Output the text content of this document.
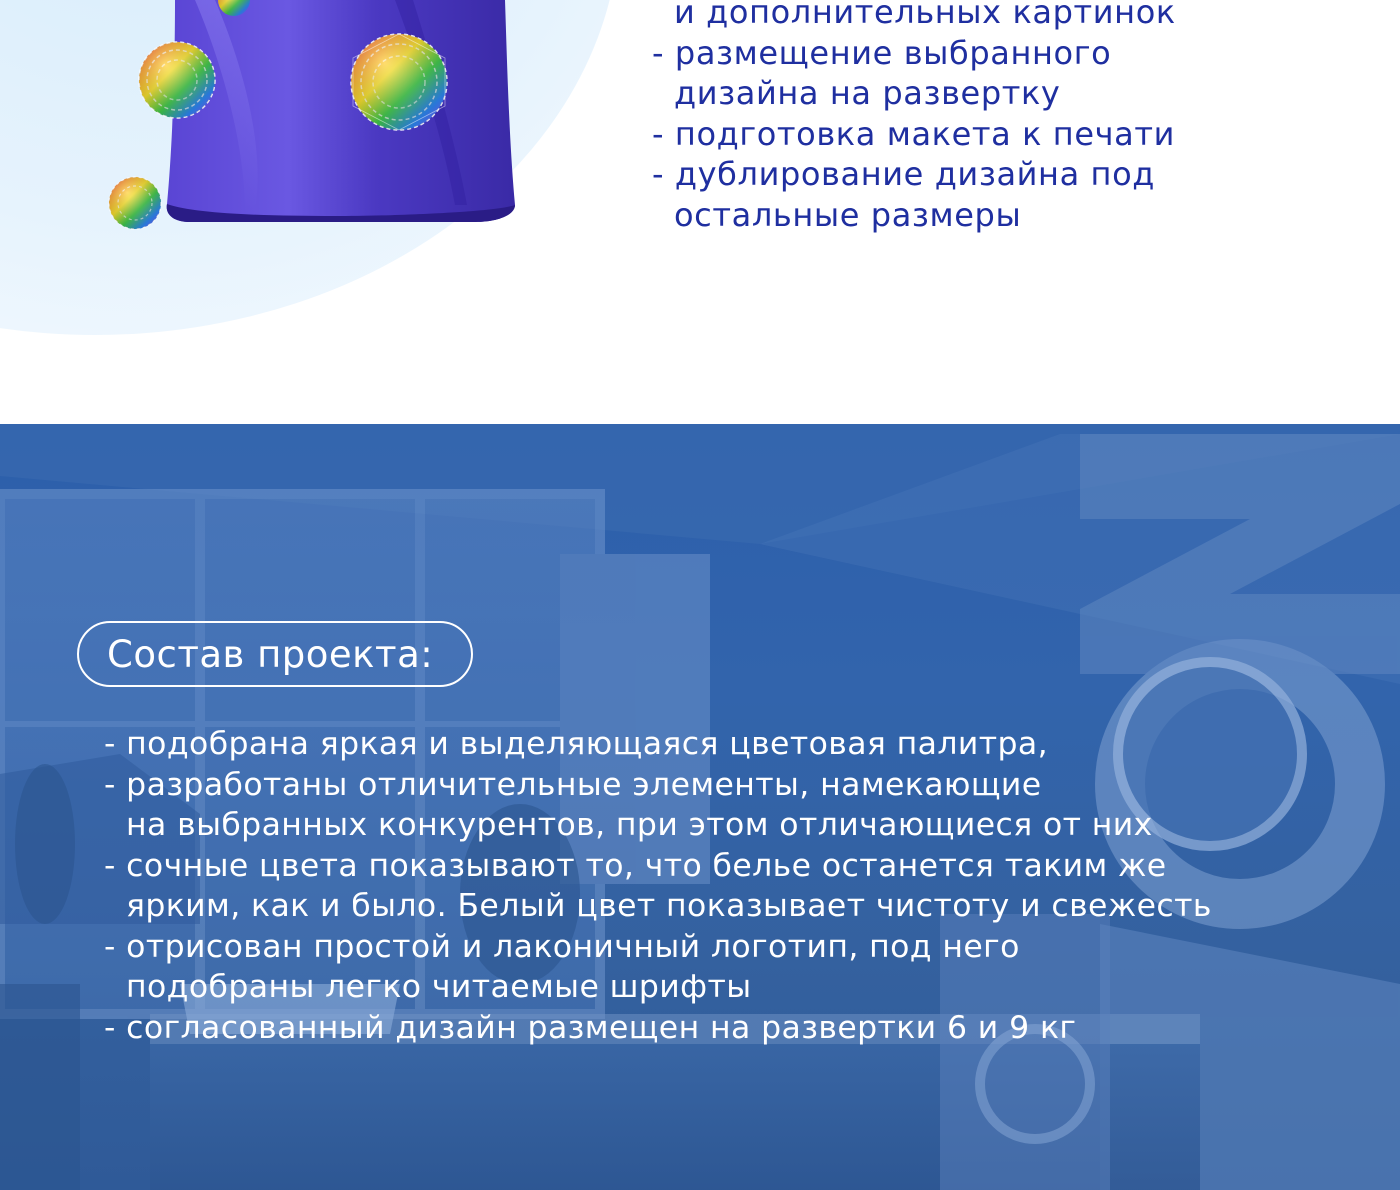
и дополнительных картинок
- размещение выбранного
дизайна на развертку
- подготовка макета к печати
- дублирование дизайна под
остальные размеры
Состав проекта:
- подобрана яркая и выделяющаяся цветовая палитра,
- разработаны отличительные элементы, намекающие
на выбранных конкурентов, при этом отличающиеся от них
- сочные цвета показывают то, что белье останется таким же
ярким, как и было. Белый цвет показывает чистоту и свежесть
- отрисован простой и лаконичный логотип, под него
подобраны легко читаемые шрифты
- согласованный дизайн размещен на развертки 6 и 9 кг
